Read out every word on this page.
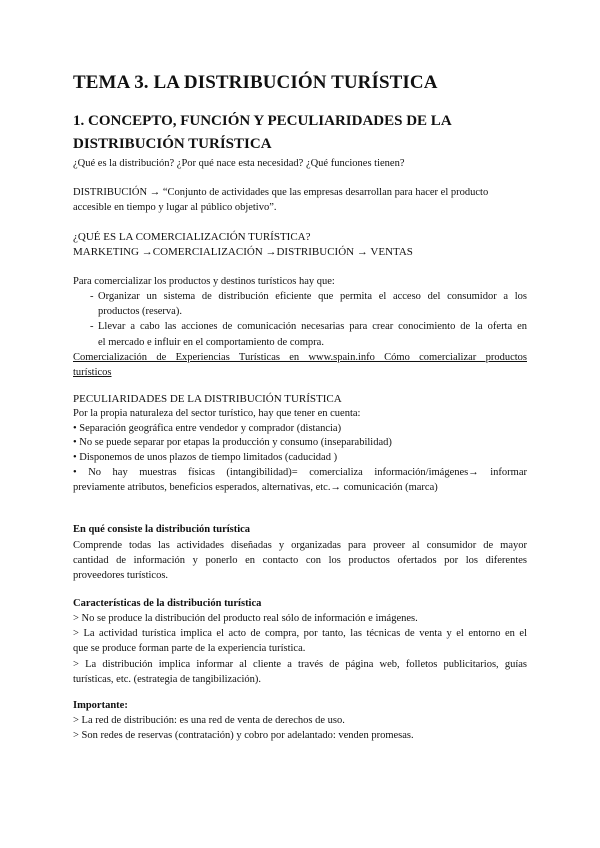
TEMA 3. LA DISTRIBUCIÓN TURÍSTICA
1. CONCEPTO, FUNCIÓN Y PECULIARIDADES DE LA
DISTRIBUCIÓN TURÍSTICA
¿Qué es la distribución? ¿Por qué nace esta necesidad? ¿Qué funciones tienen?
DISTRIBUCIÓN → “Conjunto de actividades que las empresas desarrollan para hacer el producto
accesible en tiempo y lugar al público objetivo”.
¿QUÉ ES LA COMERCIALIZACIÓN TURÍSTICA?
MARKETING →COMERCIALIZACIÓN →DISTRIBUCIÓN → VENTAS
Para comercializar los productos y destinos turísticos hay que:
- Organizar un sistema de distribución eficiente que permita el acceso del consumidor a los
productos (reserva).
- Llevar a cabo las acciones de comunicación necesarias para crear conocimiento de la oferta en
el mercado e influir en el comportamiento de compra.
Comercialización de Experiencias Turísticas en www.spain.info Cómo comercializar productos
turísticos
PECULIARIDADES DE LA DISTRIBUCIÓN TURÍSTICA
Por la propia naturaleza del sector turístico, hay que tener en cuenta:
• Separación geográfica entre vendedor y comprador (distancia)
• No se puede separar por etapas la producción y consumo (inseparabilidad)
• Disponemos de unos plazos de tiempo limitados (caducidad )
• No hay muestras físicas (intangibilidad)= comercializa información/imágenes→ informar
previamente atributos, beneficios esperados, alternativas, etc.→ comunicación (marca)
En qué consiste la distribución turística
Comprende todas las actividades diseñadas y organizadas para proveer al consumidor de mayor
cantidad de información y ponerlo en contacto con los productos ofertados por los diferentes
proveedores turísticos.
Características de la distribución turística
> No se produce la distribución del producto real sólo de información e imágenes.
> La actividad turística implica el acto de compra, por tanto, las técnicas de venta y el entorno en el
que se produce forman parte de la experiencia turística.
> La distribución implica informar al cliente a través de página web, folletos publicitarios, guías
turísticas, etc. (estrategia de tangibilización).
Importante:
> La red de distribución: es una red de venta de derechos de uso.
> Son redes de reservas (contratación) y cobro por adelantado: venden promesas.
